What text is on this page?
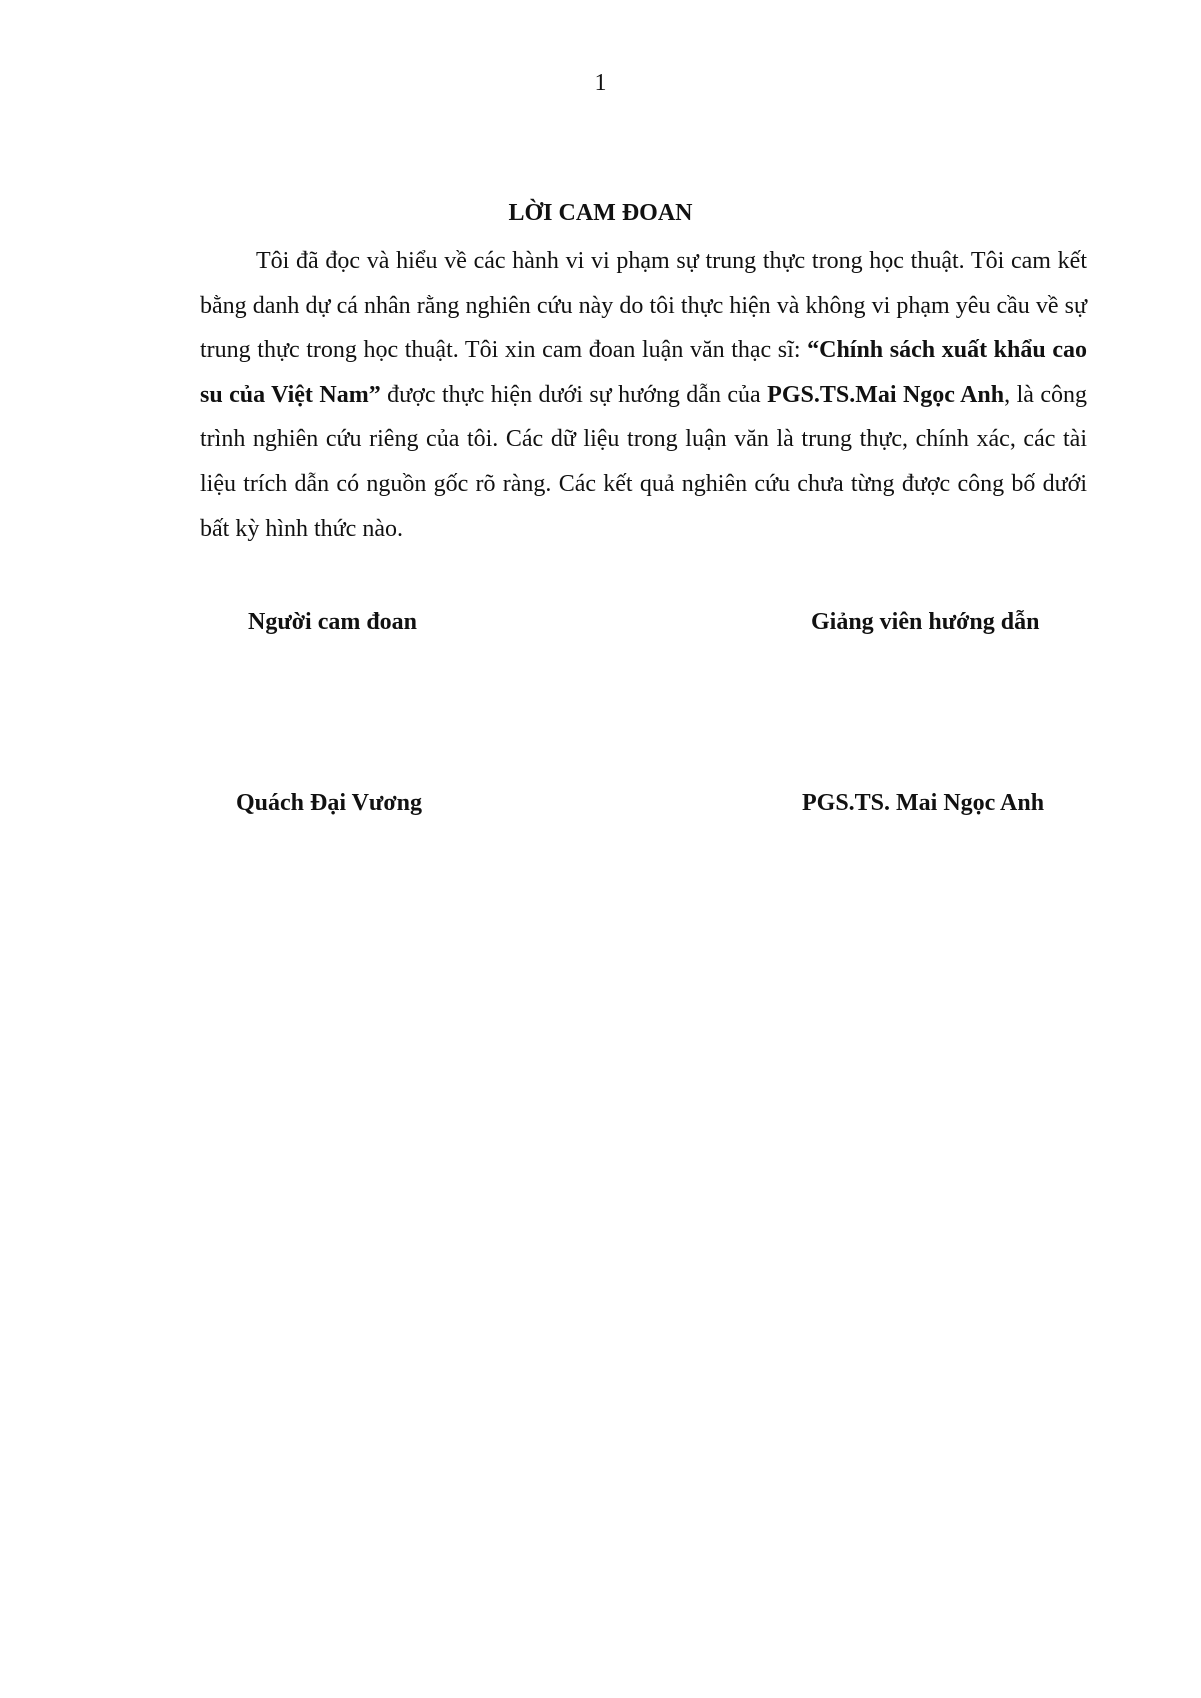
1
LỜI CAM ĐOAN

Tôi đã đọc và hiểu về các hành vi vi phạm sự trung thực trong học thuật. Tôi cam kết bằng danh dự cá nhân rằng nghiên cứu này do tôi thực hiện và không vi phạm yêu cầu về sự trung thực trong học thuật. Tôi xin cam đoan luận văn thạc sĩ: “Chính sách xuất khẩu cao su của Việt Nam” được thực hiện dưới sự hướng dẫn của PGS.TS.Mai Ngọc Anh, là công trình nghiên cứu riêng của tôi. Các dữ liệu trong luận văn là trung thực, chính xác, các tài liệu trích dẫn có nguồn gốc rõ ràng. Các kết quả nghiên cứu chưa từng được công bố dưới bất kỳ hình thức nào.

Người cam đoan	Giảng viên hướng dẫn
Quách Đại Vương	PGS.TS. Mai Ngọc Anh
